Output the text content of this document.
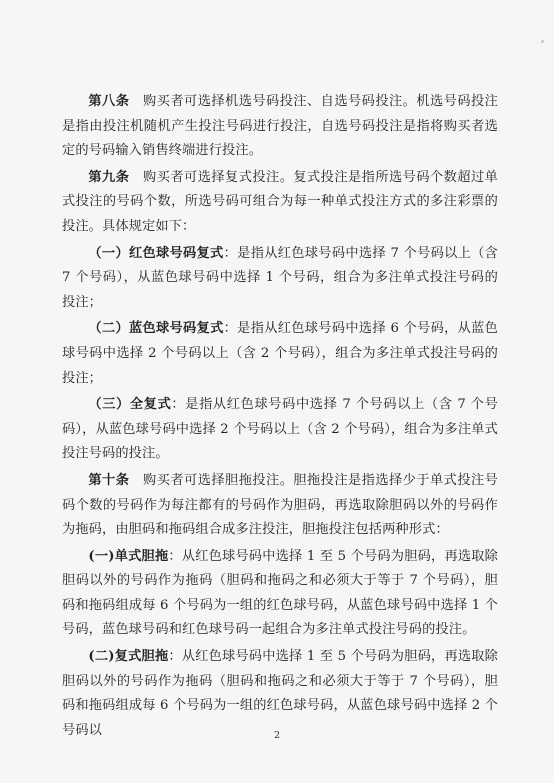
第八条　购买者可选择机选号码投注、自选号码投注。机选号码投注是指由投注机随机产生投注号码进行投注，自选号码投注是指将购买者选定的号码输入销售终端进行投注。

第九条　购买者可选择复式投注。复式投注是指所选号码个数超过单式投注的号码个数，所选号码可组合为每一种单式投注方式的多注彩票的投注。具体规定如下：

（一）红色球号码复式：是指从红色球号码中选择 7 个号码以上（含 7 个号码），从蓝色球号码中选择 1 个号码，组合为多注单式投注号码的投注；

（二）蓝色球号码复式：是指从红色球号码中选择 6 个号码，从蓝色球号码中选择 2 个号码以上（含 2 个号码），组合为多注单式投注号码的投注；

（三）全复式：是指从红色球号码中选择 7 个号码以上（含 7 个号码），从蓝色球号码中选择 2 个号码以上（含 2 个号码），组合为多注单式投注号码的投注。

第十条　购买者可选择胆拖投注。胆拖投注是指选择少于单式投注号码个数的号码作为每注都有的号码作为胆码，再选取除胆码以外的号码作为拖码，由胆码和拖码组合成多注投注，胆拖投注包括两种形式：

(一)单式胆拖：从红色球号码中选择 1 至 5 个号码为胆码，再选取除胆码以外的号码作为拖码（胆码和拖码之和必须大于等于 7 个号码），胆码和拖码组成每 6 个号码为一组的红色球号码，从蓝色球号码中选择 1 个号码，蓝色球号码和红色球号码一起组合为多注单式投注号码的投注。

(二)复式胆拖：从红色球号码中选择 1 至 5 个号码为胆码，再选取除胆码以外的号码作为拖码（胆码和拖码之和必须大于等于 7 个号码），胆码和拖码组成每 6 个号码为一组的红色球号码，从蓝色球号码中选择 2 个号码以	2
